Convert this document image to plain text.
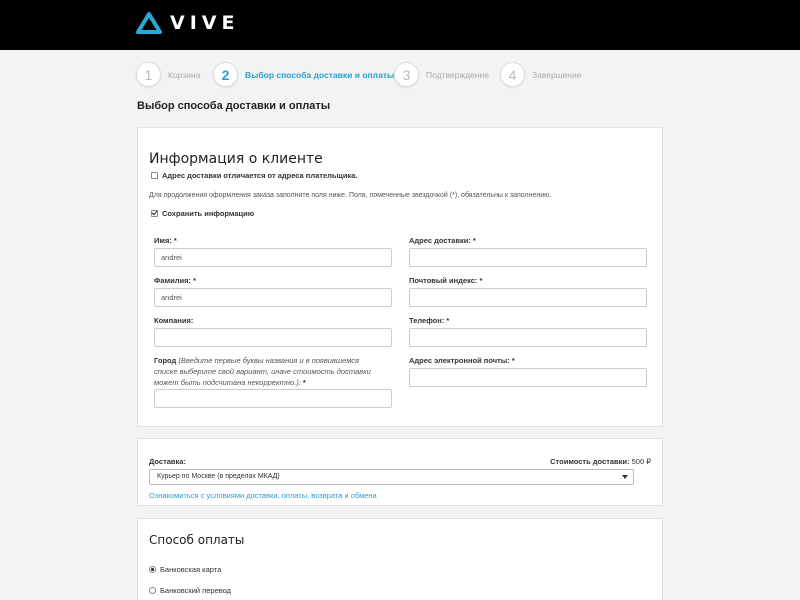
VIVE
1	Корзина	2	Выбор способа доставки и оплаты 3	Подтверждение	4	Завершение
Выбор способа доставки и оплаты
Информация о клиенте
Адрес доставки отличается от адреса плательщика.
Для продолжения оформления заказа заполните поля ниже. Поля, помеченные звездочкой (*), обязательны к заполнению.
Сохранить информацию
Имя: *
andrei
Фамилия: *
andrei
Компания:
Город (Введите первые буквы названия и в появившемся списке выберите свой вариант, иначе стоимость доставки может быть подсчитана некорректно.): *
Адрес доставки: *
Почтовый индекс: *
Телефон: *
Адрес электронной почты: *
Доставка:	Стоимость доставки: 500 ₽
Курьер по Москве (в пределах МКАД)
Ознакомиться с условиями доставки, оплаты, возврата и обмена
Способ оплаты
Банковская карта
Банковский перевод
